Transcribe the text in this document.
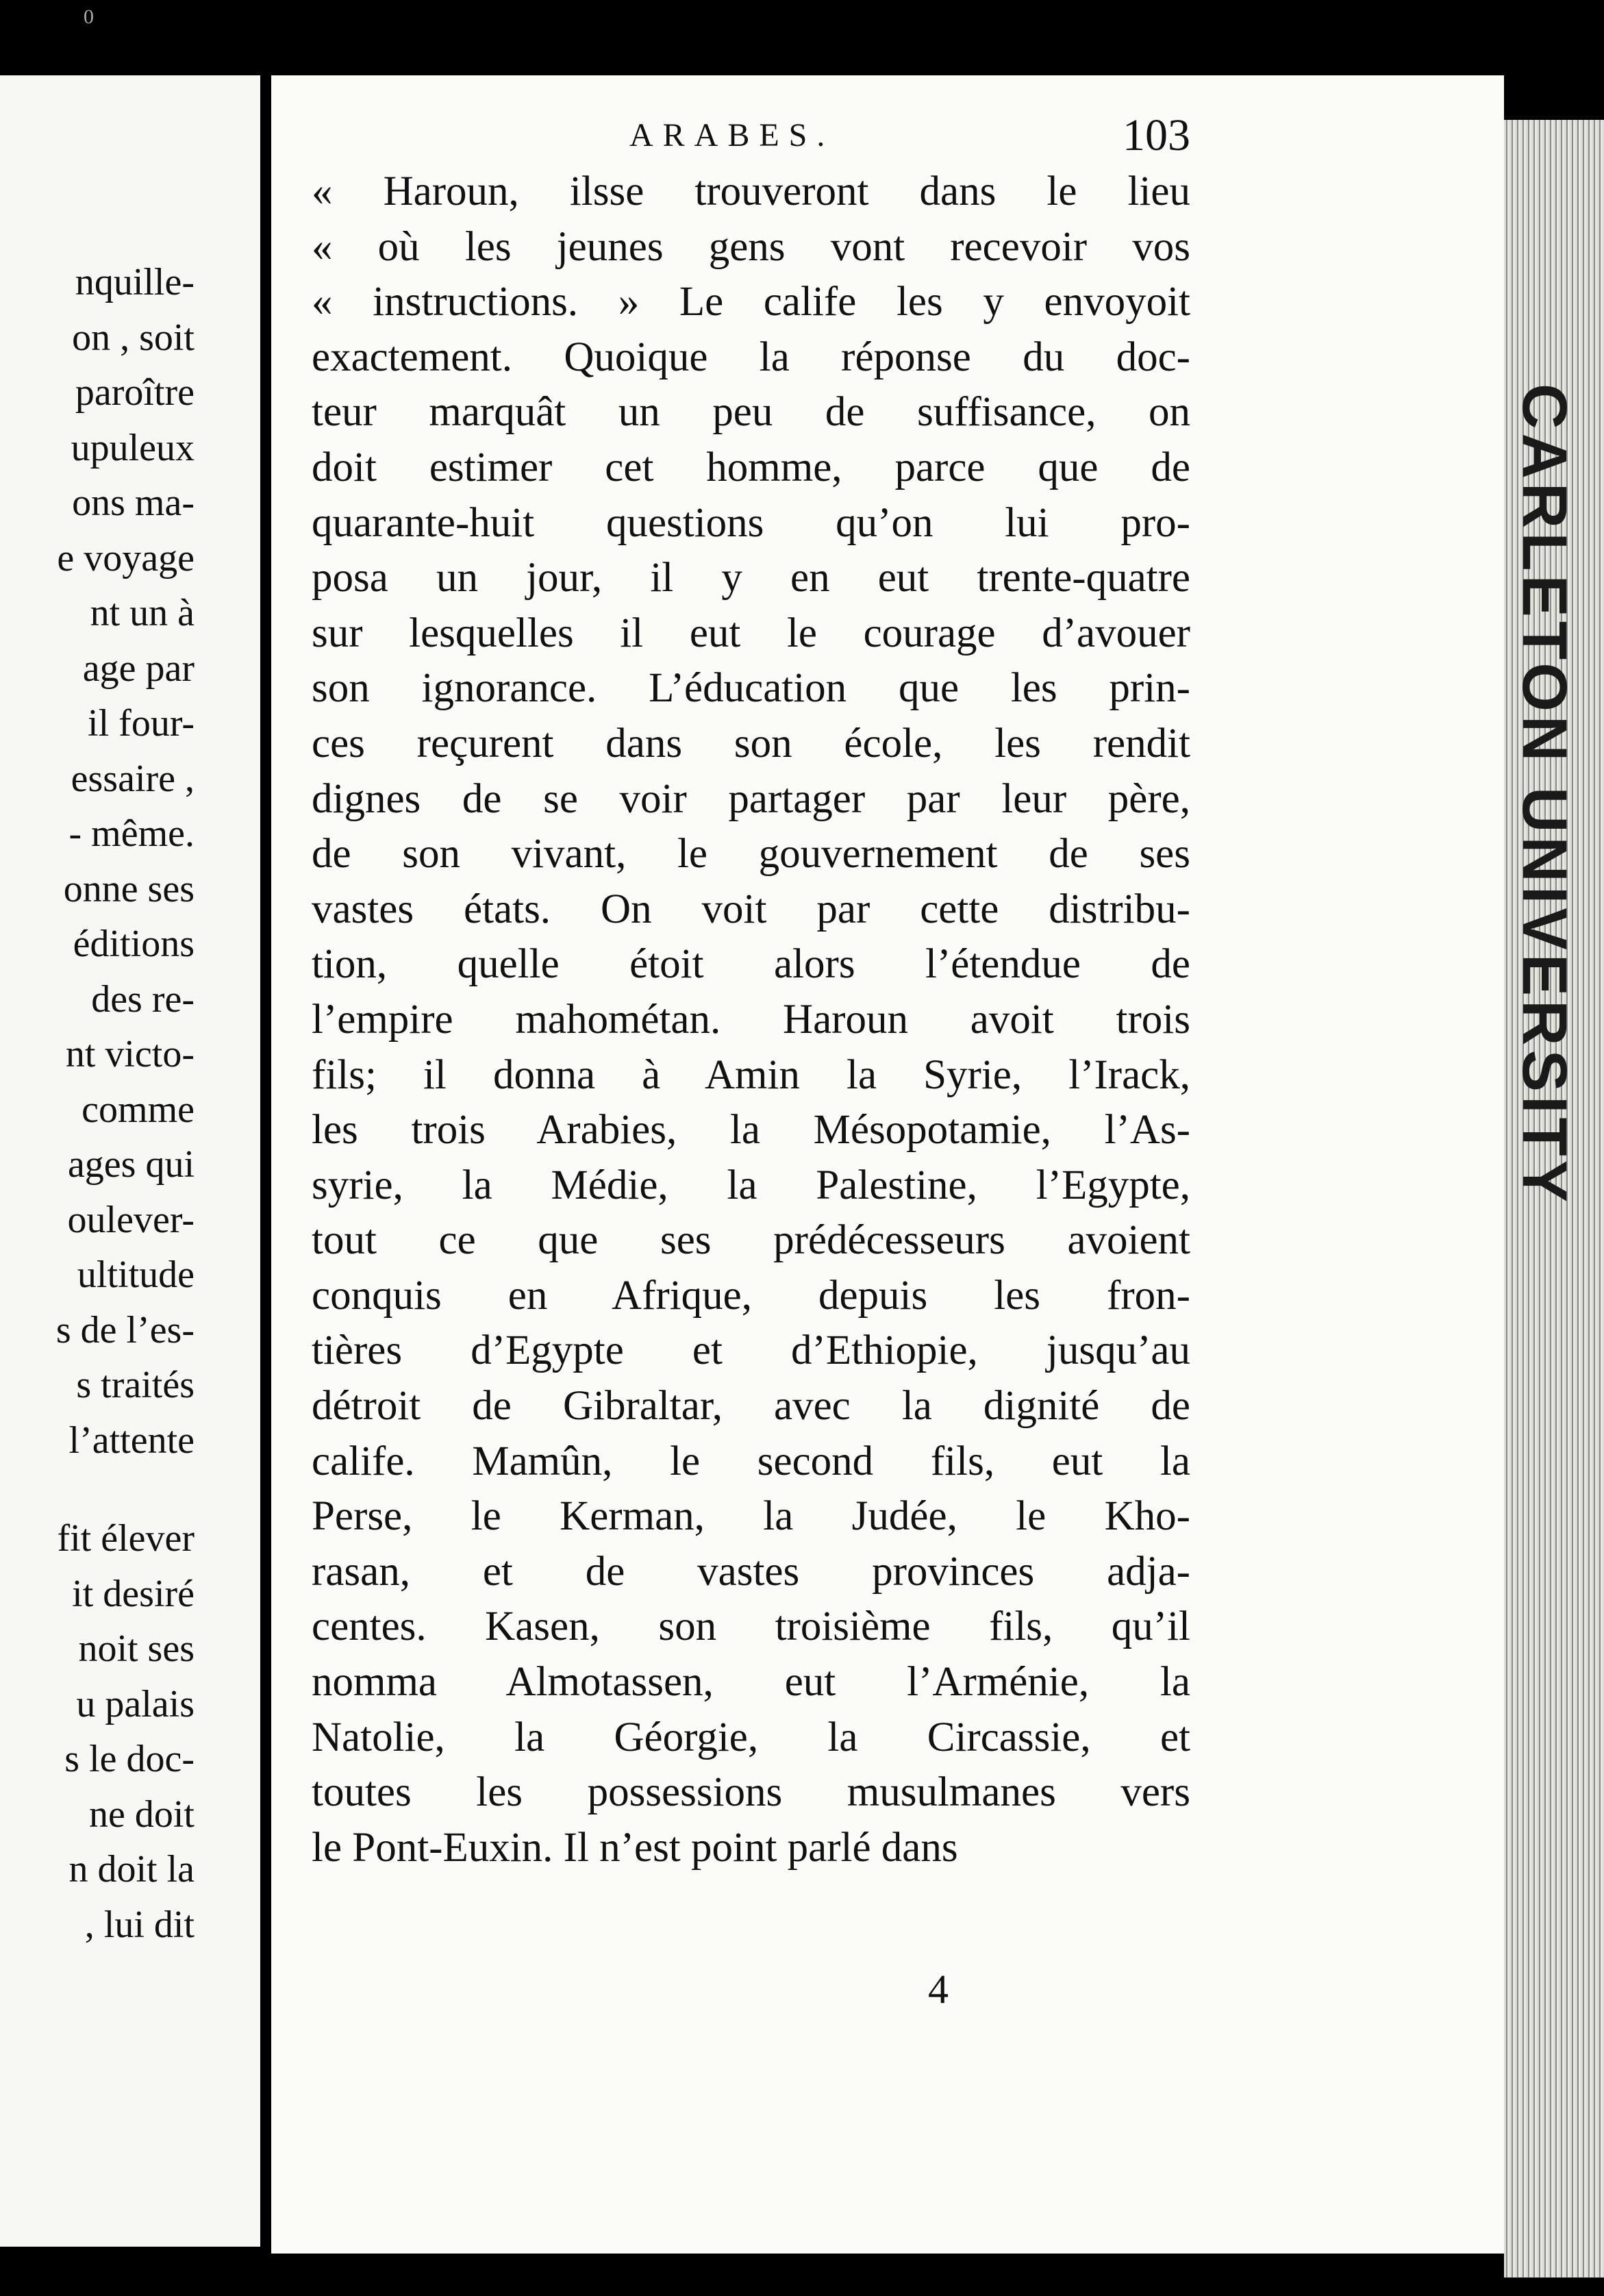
0
nquille-
on , soit
paroître
upuleux
ons ma-
e voyage
nt un à
age par
il four-
essaire ,
- même.
onne ses
éditions
des re-
nt victo-
comme
ages qui
oulever-
ultitude
s de l’es-
s traités
l’attente
fit élever
it desiré
noit ses
u palais
s le doc-
ne doit
n doit la
, lui dit
ARABES.	103
« Haroun, ilsse trouveront dans le lieu
« où les jeunes gens vont recevoir vos
« instructions. » Le calife les y envoyoit
exactement. Quoique la réponse du doc-
teur marquât un peu de suffisance, on
doit estimer cet homme, parce que de
quarante-huit questions qu’on lui pro-
posa un jour, il y en eut trente-quatre
sur lesquelles il eut le courage d’avouer
son ignorance. L’éducation que les prin-
ces reçurent dans son école, les rendit
dignes de se voir partager par leur père,
de son vivant, le gouvernement de ses
vastes états. On voit par cette distribu-
tion, quelle étoit alors l’étendue de
l’empire mahométan. Haroun avoit trois
fils; il donna à Amin la Syrie, l’Irack,
les trois Arabies, la Mésopotamie, l’As-
syrie, la Médie, la Palestine, l’Egypte,
tout ce que ses prédécesseurs avoient
conquis en Afrique, depuis les fron-
tières d’Egypte et d’Ethiopie, jusqu’au
détroit de Gibraltar, avec la dignité de
calife. Mamûn, le second fils, eut la
Perse, le Kerman, la Judée, le Kho-
rasan, et de vastes provinces adja-
centes. Kasen, son troisième fils, qu’il
nomma Almotassen, eut l’Arménie, la
Natolie, la Géorgie, la Circassie, et
toutes les possessions musulmanes vers
le Pont-Euxin. Il n’est point parlé dans
4
CARLETON UNIVERSITY
